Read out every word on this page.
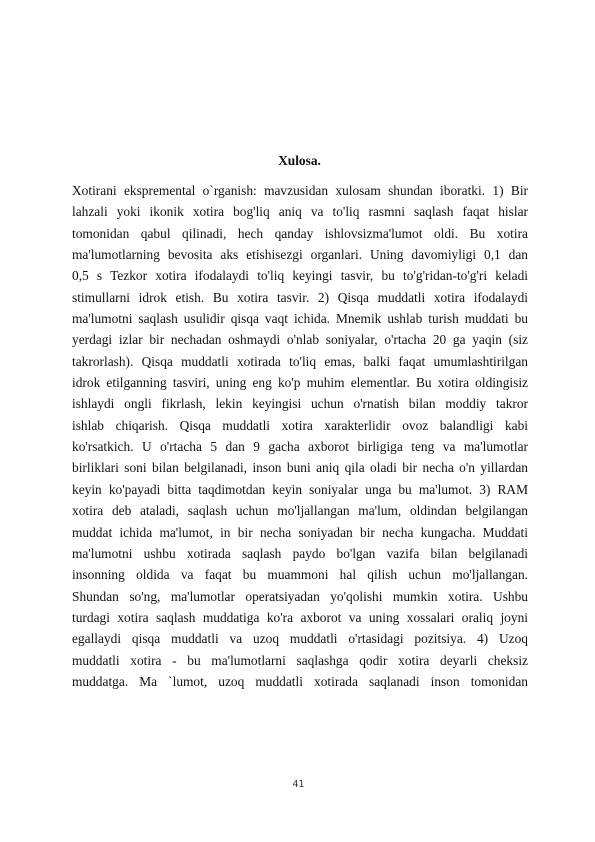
Xulosa.
Xotirani eksprementаl o`rganish: mavzusidan xulosam shundan iboratki. 1) Bir
lahzali yoki ikonik xotira bog'liq aniq va to'liq rasmni saqlash faqat hislar
tomonidan qabul qilinadi, hech qanday ishlovsizma'lumot oldi. Bu xotira
ma'lumotlarning bevosita aks etishisezgi organlari. Uning davomiyligi 0,1 dan
0,5 s Tezkor xotira ifodalaydi to'liq keyingi tasvir, bu to'g'ridan-to'g'ri keladi
stimullarni idrok etish. Bu xotira tasvir. 2) Qisqa muddatli xotira ifodalaydi
ma'lumotni saqlash usulidir qisqa vaqt ichida. Mnemik ushlab turish muddati bu
yerdagi izlar bir nechadan oshmaydi o'nlab soniyalar, o'rtacha 20 ga yaqin (siz
takrorlash). Qisqa muddatli xotirada to'liq emas, balki faqat umumlashtirilgan
idrok etilganning tasviri, uning eng ko'p muhim elementlar. Bu xotira oldingisiz
ishlaydi ongli fikrlash, lekin keyingisi uchun o'rnatish bilan moddiy takror
ishlab chiqarish. Qisqa muddatli xotira xarakterlidir ovoz balandligi kabi
ko'rsatkich. U o'rtacha 5 dan 9 gacha axborot birligiga teng va ma'lumotlar
birliklari soni bilan belgilanadi, inson buni aniq qila oladi bir necha o'n yillardan
keyin ko'payadi bitta taqdimotdan keyin soniyalar unga bu ma'lumot. 3) RAM
xotira deb ataladi, saqlash uchun mo'ljallangan ma'lum, oldindan belgilangan
muddat ichida ma'lumot, in bir necha soniyadan bir necha kungacha. Muddati
ma'lumotni ushbu xotirada saqlash paydo bo'lgan vazifa bilan belgilanadi
insonning oldida va faqat bu muammoni hal qilish uchun mo'ljallangan.
Shundan so'ng, ma'lumotlar operatsiyadan yo'qolishi mumkin xotira. Ushbu
turdagi xotira saqlash muddatiga ko'ra axborot va uning xossalari oraliq joyni
egallaydi qisqa muddatli va uzoq muddatli o'rtasidagi pozitsiya. 4) Uzoq
muddatli xotira - bu ma'lumotlarni saqlashga qodir xotira deyarli cheksiz
muddatga. Ma `lumot, uzoq muddatli xotirada saqlanadi inson tomonidan
41
